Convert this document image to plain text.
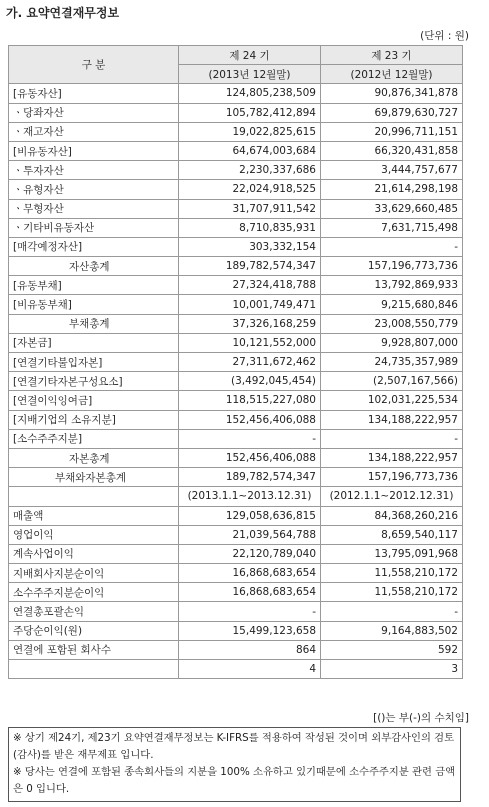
가. 요약연결재무정보
(단위 : 원)
구 분	제 24 기	제 23 기
	(2013년 12월말)	(2012년 12월말)
[유동자산]	124,805,238,509	90,876,341,878
ㆍ당좌자산	105,782,412,894	69,879,630,727
ㆍ재고자산	19,022,825,615	20,996,711,151
[비유동자산]	64,674,003,684	66,320,431,858
ㆍ투자자산	2,230,337,686	3,444,757,677
ㆍ유형자산	22,024,918,525	21,614,298,198
ㆍ무형자산	31,707,911,542	33,629,660,485
ㆍ기타비유동자산	8,710,835,931	7,631,715,498
[매각예정자산]	303,332,154	-
자산총계	189,782,574,347	157,196,773,736
[유동부채]	27,324,418,788	13,792,869,933
[비유동부채]	10,001,749,471	9,215,680,846
부채총계	37,326,168,259	23,008,550,779
[자본금]	10,121,552,000	9,928,807,000
[연결기타불입자본]	27,311,672,462	24,735,357,989
[연결기타자본구성요소]	(3,492,045,454)	(2,507,167,566)
[연결이익잉여금]	118,515,227,080	102,031,225,534
[지배기업의 소유지분]	152,456,406,088	134,188,222,957
[소수주주지분]	-	-
자본총계	152,456,406,088	134,188,222,957
부채와자본총계	189,782,574,347	157,196,773,736
	(2013.1.1~2013.12.31)	(2012.1.1~2012.12.31)
매출액	129,058,636,815	84,368,260,216
영업이익	21,039,564,788	8,659,540,117
계속사업이익	22,120,789,040	13,795,091,968
지배회사지분순이익	16,868,683,654	11,558,210,172
소수주주지분순이익	16,868,683,654	11,558,210,172
연결총포괄손익	-	-
주당순이익(원)	15,499,123,658	9,164,883,502
연결에 포함된 회사수	864	592
	4	3
[()는 부(-)의 수치임]

※ 상기 제24기, 제23기 요약연결재무정보는 K-IFRS를 적용하여 작성된 것이며 외부감사인의 검토(감사)를 받은 재무제표 입니다.

※ 당사는 연결에 포함된 종속회사들의 지분을 100% 소유하고 있기때문에 소수주주지분 관련 금액은 0 입니다.
